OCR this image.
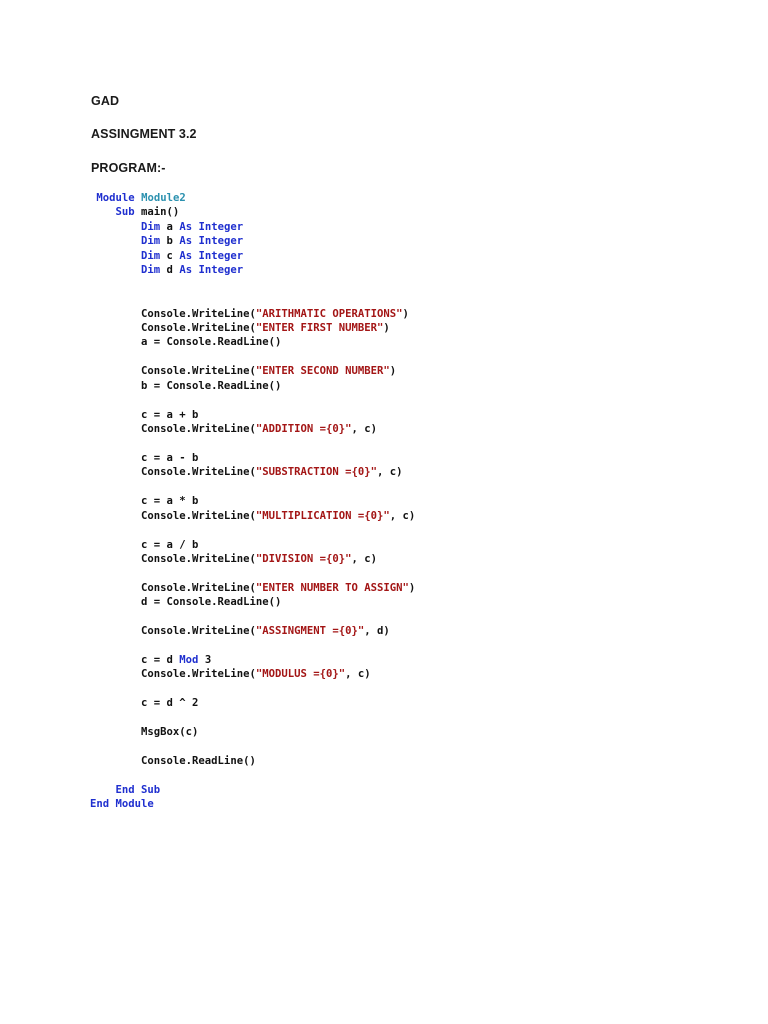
GAD
ASSINGMENT 3.2
PROGRAM:-
Module Module2
Sub main()
Dim a As Integer
Dim b As Integer
Dim c As Integer
Dim d As Integer
Console.WriteLine("ARITHMATIC OPERATIONS")
Console.WriteLine("ENTER FIRST NUMBER")
a = Console.ReadLine()
Console.WriteLine("ENTER SECOND NUMBER")
b = Console.ReadLine()
c = a + b
Console.WriteLine("ADDITION ={0}", c)
c = a - b
Console.WriteLine("SUBSTRACTION ={0}", c)
c = a * b
Console.WriteLine("MULTIPLICATION ={0}", c)
c = a / b
Console.WriteLine("DIVISION ={0}", c)
Console.WriteLine("ENTER NUMBER TO ASSIGN")
d = Console.ReadLine()
Console.WriteLine("ASSINGMENT ={0}", d)
c = d Mod 3
Console.WriteLine("MODULUS ={0}", c)
c = d ^ 2
MsgBox(c)
Console.ReadLine()
End Sub
End Module
